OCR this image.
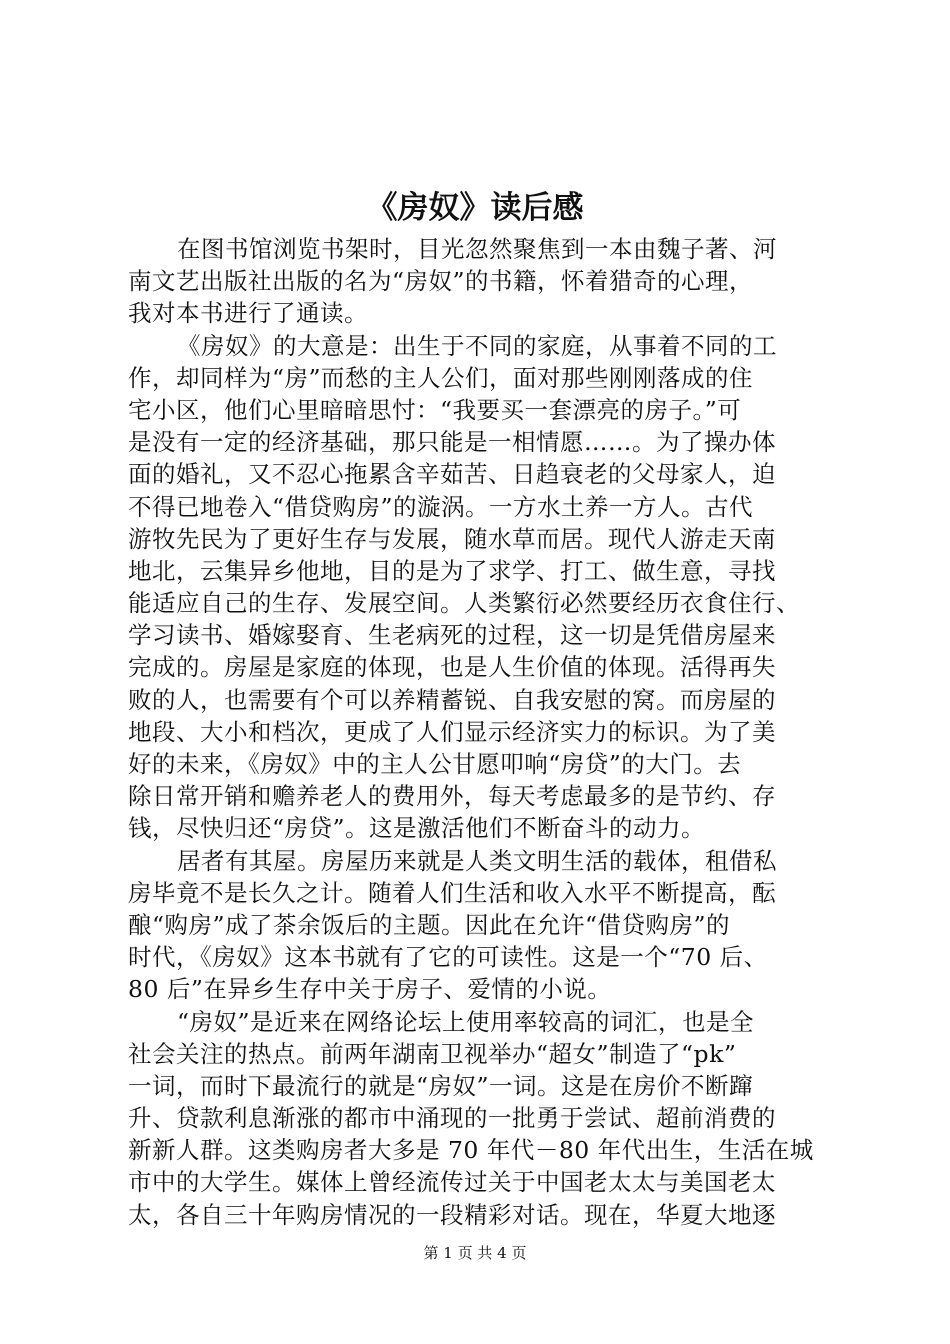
《房奴》读后感
在图书馆浏览书架时，目光忽然聚焦到一本由魏子著、河
南文艺出版社出版的名为“房奴”的书籍，怀着猎奇的心理，
我对本书进行了通读。
《房奴》的大意是：出生于不同的家庭，从事着不同的工
作，却同样为“房”而愁的主人公们，面对那些刚刚落成的住
宅小区，他们心里暗暗思忖：“我要买一套漂亮的房子。”可
是没有一定的经济基础，那只能是一相情愿……。为了操办体
面的婚礼，又不忍心拖累含辛茹苦、日趋衰老的父母家人，迫
不得已地卷入“借贷购房”的漩涡。一方水土养一方人。古代
游牧先民为了更好生存与发展，随水草而居。现代人游走天南
地北，云集异乡他地，目的是为了求学、打工、做生意，寻找
能适应自己的生存、发展空间。人类繁衍必然要经历衣食住行、
学习读书、婚嫁娶育、生老病死的过程，这一切是凭借房屋来
完成的。房屋是家庭的体现，也是人生价值的体现。活得再失
败的人，也需要有个可以养精蓄锐、自我安慰的窝。而房屋的
地段、大小和档次，更成了人们显示经济实力的标识。为了美
好的未来，《房奴》中的主人公甘愿叩响“房贷”的大门。去
除日常开销和赡养老人的费用外，每天考虑最多的是节约、存
钱，尽快归还“房贷”。这是激活他们不断奋斗的动力。
居者有其屋。房屋历来就是人类文明生活的载体，租借私
房毕竟不是长久之计。随着人们生活和收入水平不断提高，酝
酿“购房”成了茶余饭后的主题。因此在允许“借贷购房”的
时代，《房奴》这本书就有了它的可读性。这是一个“70 后、
80 后”在异乡生存中关于房子、爱情的小说。
“房奴”是近来在网络论坛上使用率较高的词汇，也是全
社会关注的热点。前两年湖南卫视举办“超女”制造了“pk”
一词，而时下最流行的就是“房奴”一词。这是在房价不断蹿
升、贷款利息渐涨的都市中涌现的一批勇于尝试、超前消费的
新新人群。这类购房者大多是 70 年代－80 年代出生，生活在城
市中的大学生。媒体上曾经流传过关于中国老太太与美国老太
太，各自三十年购房情况的一段精彩对话。现在，华夏大地逐
第 1 页 共 4 页
